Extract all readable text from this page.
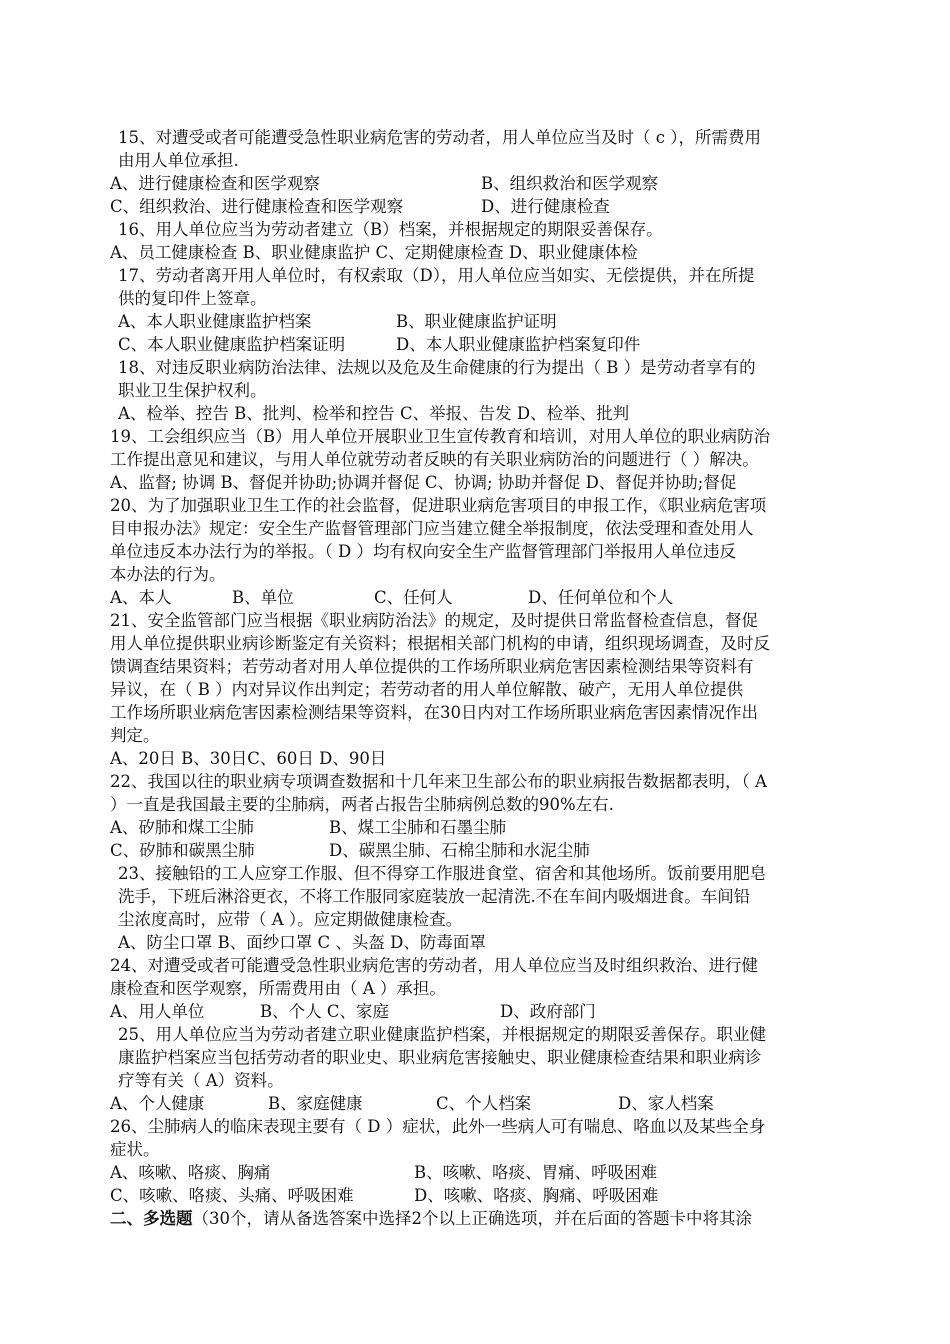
15、对遭受或者可能遭受急性职业病危害的劳动者，用人单位应当及时（ c ），所需费用
由用人单位承担.
A、进行健康检查和医学观察	B、组织救治和医学观察
C、组织救治、进行健康检查和医学观察	D、进行健康检查
16、用人单位应当为劳动者建立（B）档案，并根据规定的期限妥善保存。
A、员工健康检查 B、职业健康监护 C、定期健康检查 D、职业健康体检
17、劳动者离开用人单位时，有权索取（D），用人单位应当如实、无偿提供，并在所提
供的复印件上签章。
A、本人职业健康监护档案	B、职业健康监护证明
C、本人职业健康监护档案证明	D、本人职业健康监护档案复印件
18、对违反职业病防治法律、法规以及危及生命健康的行为提出（ B ）是劳动者享有的
职业卫生保护权利。
A、检举、控告 B、批判、检举和控告 C、举报、告发 D、检举、批判
19、工会组织应当（B）用人单位开展职业卫生宣传教育和培训，对用人单位的职业病防治
工作提出意见和建议，与用人单位就劳动者反映的有关职业病防治的问题进行（ ）解决。
A、监督; 协调 B、督促并协助;协调并督促 C、协调; 协助并督促 D、督促并协助;督促
20、为了加强职业卫生工作的社会监督，促进职业病危害项目的申报工作，《职业病危害项
目申报办法》规定：安全生产监督管理部门应当建立健全举报制度，依法受理和查处用人
单位违反本办法行为的举报。（ D ）均有权向安全生产监督管理部门举报用人单位违反
本办法的行为。
A、本人	B、单位	C、任何人	D、任何单位和个人
21、安全监管部门应当根据《职业病防治法》的规定，及时提供日常监督检查信息，督促
用人单位提供职业病诊断鉴定有关资料；根据相关部门机构的申请，组织现场调查，及时反
馈调查结果资料；若劳动者对用人单位提供的工作场所职业病危害因素检测结果等资料有
异议，在（ B ）内对异议作出判定；若劳动者的用人单位解散、破产，无用人单位提供
工作场所职业病危害因素检测结果等资料，在30日内对工作场所职业病危害因素情况作出
判定。
A、20日 B、30日C、60日 D、90日
22、我国以往的职业病专项调查数据和十几年来卫生部公布的职业病报告数据都表明，（ A
）一直是我国最主要的尘肺病，两者占报告尘肺病例总数的90%左右.
A、矽肺和煤工尘肺	B、煤工尘肺和石墨尘肺
C、矽肺和碳黑尘肺	D、碳黑尘肺、石棉尘肺和水泥尘肺
23、接触铅的工人应穿工作服、但不得穿工作服进食堂、宿舍和其他场所。饭前要用肥皂
洗手，下班后淋浴更衣，不将工作服同家庭装放一起清洗.不在车间内吸烟进食。车间铅
尘浓度高时，应带（ A ）。应定期做健康检查。
A、防尘口罩 B、面纱口罩 C 、头盔 D、防毒面罩
24、对遭受或者可能遭受急性职业病危害的劳动者，用人单位应当及时组织救治、进行健
康检查和医学观察，所需费用由（ A ）承担。
A、用人单位	B、个人 C、家庭	D、政府部门
25、用人单位应当为劳动者建立职业健康监护档案，并根据规定的期限妥善保存。职业健
康监护档案应当包括劳动者的职业史、职业病危害接触史、职业健康检查结果和职业病诊
疗等有关（ A）资料。
A、个人健康	B、家庭健康	C、个人档案	D、家人档案
26、尘肺病人的临床表现主要有（ D ）症状，此外一些病人可有喘息、咯血以及某些全身
症状。
A、咳嗽、咯痰、胸痛	B、咳嗽、咯痰、胃痛、呼吸困难
C、咳嗽、咯痰、头痛、呼吸困难	D、咳嗽、咯痰、胸痛、呼吸困难
二、多选题（30个，请从备选答案中选择2个以上正确选项，并在后面的答题卡中将其涂
